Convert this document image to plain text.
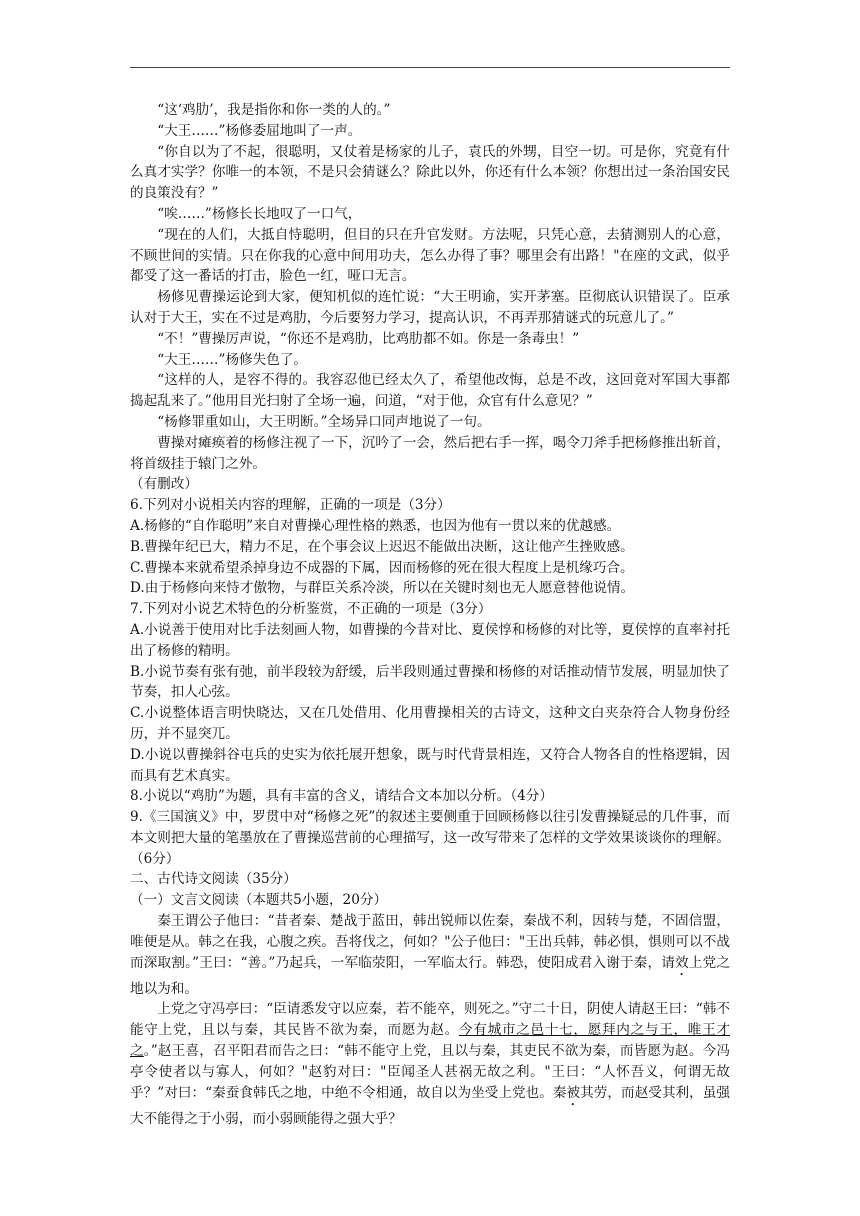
“这‘鸡肋’，我是指你和你一类的人的。”

“大王……”杨修委屈地叫了一声。

“你自以为了不起，很聪明，又仗着是杨家的儿子，袁氏的外甥，目空一切。可是你，究竟有什么真才实学？你唯一的本领，不是只会猜谜么？除此以外，你还有什么本领？你想出过一条治国安民的良策没有？”

“唉……”杨修长长地叹了一口气，

“现在的人们，大抵自恃聪明，但目的只在升官发财。方法呢，只凭心意，去猜测别人的心意，不顾世间的实情。只在你我的心意中间用功夫，怎么办得了事？哪里会有出路！"在座的文武，似乎都受了这一番话的打击，脸色一红，哑口无言。

杨修见曹操运论到大家，便知机似的连忙说：“大王明谕，实开茅塞。臣彻底认识错误了。臣承认对于大王，实在不过是鸡肋，今后要努力学习，提高认识，不再弄那猜谜式的玩意儿了。”

“不！”曹操厉声说，“你还不是鸡肋，比鸡肋都不如。你是一条毒虫！”

“大王……”杨修失色了。

“这样的人，是容不得的。我容忍他已经太久了，希望他改悔，总是不改，这回竟对军国大事都捣起乱来了。”他用目光扫射了全场一遍，问道，“对于他，众官有什么意见？”

“杨修罪重如山，大王明断。”全场异口同声地说了一句。

曹操对瘫痪着的杨修注视了一下，沉吟了一会，然后把右手一挥，喝令刀斧手把杨修推出斩首，将首级挂于辕门之外。

（有删改）

6.下列对小说相关内容的理解，正确的一项是（3分）

A.杨修的“自作聪明”来自对曹操心理性格的熟悉，也因为他有一贯以来的优越感。

B.曹操年纪已大，精力不足，在个事会议上迟迟不能做出决断，这让他产生挫败感。

C.曹操本来就希望杀掉身边不成器的下属，因而杨修的死在很大程度上是机缘巧合。

D.由于杨修向来恃才傲物，与群臣关系冷淡，所以在关键时刻也无人愿意替他说情。

7.下列对小说艺术特色的分析鉴赏，不正确的一项是（3分）

A.小说善于使用对比手法刻画人物，如曹操的今昔对比、夏侯惇和杨修的对比等，夏侯惇的直率衬托出了杨修的精明。

B.小说节奏有张有弛，前半段较为舒缓，后半段则通过曹操和杨修的对话推动情节发展，明显加快了节奏，扣人心弦。

C.小说整体语言明快晓达，又在几处借用、化用曹操相关的古诗文，这种文白夹杂符合人物身份经历，并不显突兀。

D.小说以曹操斜谷屯兵的史实为依托展开想象，既与时代背景相连，又符合人物各自的性格逻辑，因而具有艺术真实。

8.小说以“鸡肋”为题，具有丰富的含义，请结合文本加以分析。（4分）

9.《三国演义》中，罗贯中对“杨修之死”的叙述主要侧重于回顾杨修以往引发曹操疑忌的几件事，而本文则把大量的笔墨放在了曹操巡营前的心理描写，这一改写带来了怎样的文学效果谈谈你的理解。（6分）

二、古代诗文阅读（35分）

（一）文言文阅读（本题共5小题，20分）

秦王谓公子他曰：“昔者秦、楚战于蓝田，韩出锐师以佐秦，秦战不利，因转与楚，不固信盟，唯便是从。韩之在我，心腹之疾。吾将伐之，何如？"公子他曰："王出兵韩，韩必惧，惧则可以不战而深取割。”王曰：“善。”乃起兵，一军临荥阳，一军临太行。韩恐，使阳成君入谢于秦，请效上党之地以为和。

上党之守冯亭曰：“臣请悉发守以应秦，若不能卒，则死之。”守二十日，阴使人请赵王曰：“韩不能守上党，且以与秦，其民皆不欲为秦，而愿为赵。今有城市之邑十七，愿拜内之与王，唯王才之。”赵王喜，召平阳君而告之曰：“韩不能守上党，且以与秦，其吏民不欲为秦，而皆愿为赵。今冯亭令使者以与寡人，何如？"赵豹对曰："臣闻圣人甚祸无故之利。"王曰：“人怀吾义，何谓无故乎？”对曰：“秦蚕食韩氏之地，中绝不令相通，故自以为坐受上党也。秦被其劳，而赵受其利，虽强大不能得之于小弱，而小弱顾能得之强大乎？
